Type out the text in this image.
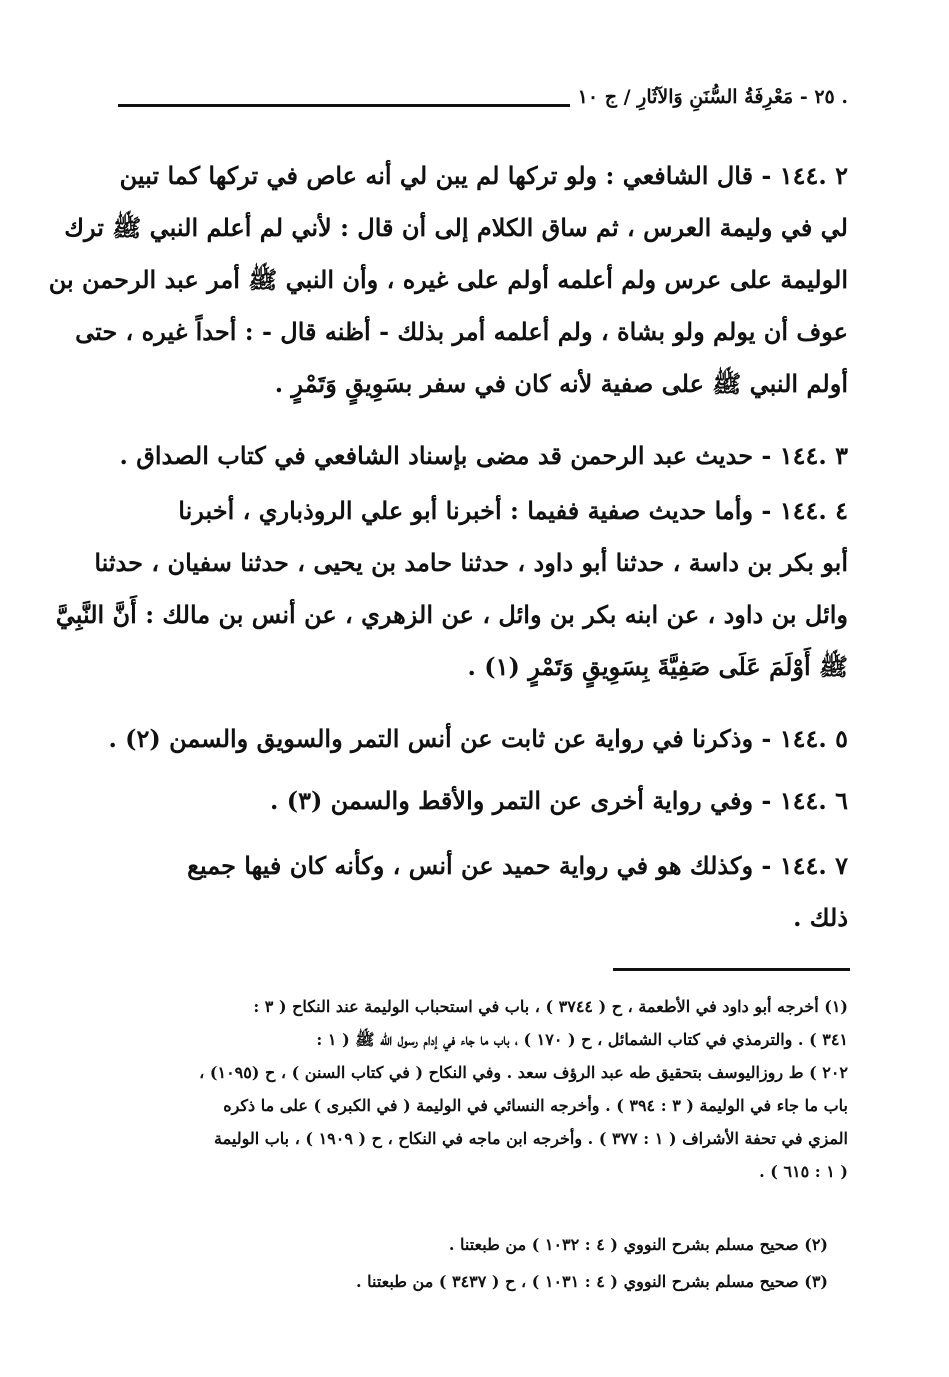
. ٢٥ - مَعْرِفَةُ السُّنَنِ وَالآثَارِ / ج ١٠
٢ .١٤٤ - قال الشافعي : ولو تركها لم يبن لي أنه عاص في تركها كما تبين
لي في وليمة العرس ، ثم ساق الكلام إلى أن قال : لأني لم أعلم النبي ﷺ ترك
الوليمة على عرس ولم أعلمه أولم على غيره ، وأن النبي ﷺ أمر عبد الرحمن بن
عوف أن يولم ولو بشاة ، ولم أعلمه أمر بذلك - أظنه قال - : أحداً غيره ، حتى
أولم النبي ﷺ على صفية لأنه كان في سفر بسَوِيقٍ وَتَمْرٍ .
٣ .١٤٤ - حديث عبد الرحمن قد مضى بإسناد الشافعي في كتاب الصداق .
٤ .١٤٤ - وأما حديث صفية ففيما : أخبرنا أبو علي الروذباري ، أخبرنا
أبو بكر بن داسة ، حدثنا أبو داود ، حدثنا حامد بن يحيى ، حدثنا سفيان ، حدثنا
وائل بن داود ، عن ابنه بكر بن وائل ، عن الزهري ، عن أنس بن مالك : أَنَّ النَّبِيَّ
ﷺ أَوْلَمَ عَلَى صَفِيَّةَ بِسَوِيقٍ وَتَمْرٍ (١) .
٥ .١٤٤ - وذكرنا في رواية عن ثابت عن أنس التمر والسويق والسمن (٢) .
٦ .١٤٤ - وفي رواية أخرى عن التمر والأقط والسمن (٣) .
٧ .١٤٤ - وكذلك هو في رواية حميد عن أنس ، وكأنه كان فيها جميع
ذلك .
(١) أخرجه أبو داود في الأطعمة ، ح ( ٣٧٤٤ ) ، باب في استحباب الوليمة عند النكاح ( ٣ :
٣٤١ ) . والترمذي في كتاب الشمائل ، ح ( ١٧٠ ) ، باب ما جاء في إدام رسول الله ﷺ ( ١ :
٢٠٢ ) ط روزاليوسف بتحقيق طه عبد الرؤف سعد . وفي النكاح ( في كتاب السنن ) ، ح (١٠٩٥) ،
باب ما جاء في الوليمة ( ٣ : ٣٩٤ ) . وأخرجه النسائي في الوليمة ( في الكبرى ) على ما ذكره
المزي في تحفة الأشراف ( ١ : ٣٧٧ ) . وأخرجه ابن ماجه في النكاح ، ح ( ١٩٠٩ ) ، باب الوليمة
( ١ : ٦١٥ ) .
(٢) صحيح مسلم بشرح النووي ( ٤ : ١٠٣٢ ) من طبعتنا .
(٣) صحيح مسلم بشرح النووي ( ٤ : ١٠٣١ ) ، ح ( ٣٤٣٧ ) من طبعتنا .
